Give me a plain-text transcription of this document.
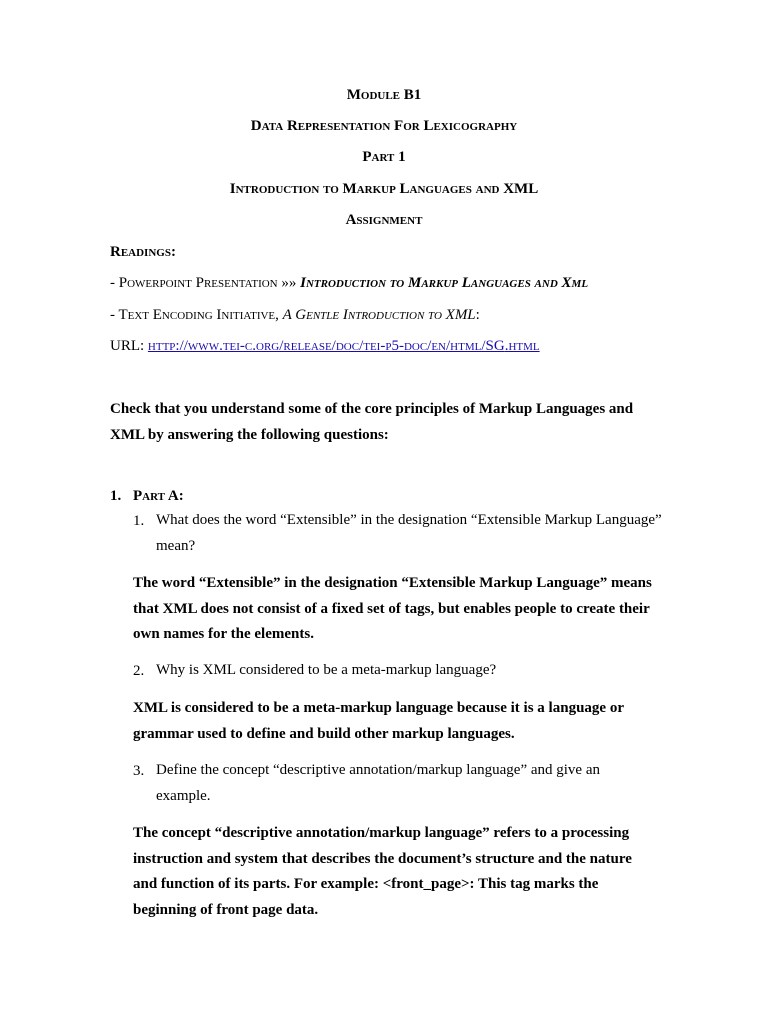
Module B1
Data Representation For Lexicography
Part 1
Introduction to Markup Languages and XML
Assignment
Readings:
- Powerpoint Presentation »» Introduction to Markup Languages and Xml
- Text Encoding Initiative, A Gentle Introduction to XML:
URL: http://www.tei-c.org/release/doc/tei-p5-doc/en/html/SG.html
Check that you understand some of the core principles of Markup Languages and XML by answering the following questions:
1. Part A:
1. What does the word “Extensible” in the designation “Extensible Markup Language” mean?
The word “Extensible” in the designation “Extensible Markup Language” means that XML does not consist of a fixed set of tags, but enables people to create their own names for the elements.
2. Why is XML considered to be a meta-markup language?
XML is considered to be a meta-markup language because it is a language or grammar used to define and build other markup languages.
3. Define the concept “descriptive annotation/markup language” and give an example.
The concept “descriptive annotation/markup language” refers to a processing instruction and system that describes the document’s structure and the nature and function of its parts. For example: <front_page>: This tag marks the beginning of front page data.
